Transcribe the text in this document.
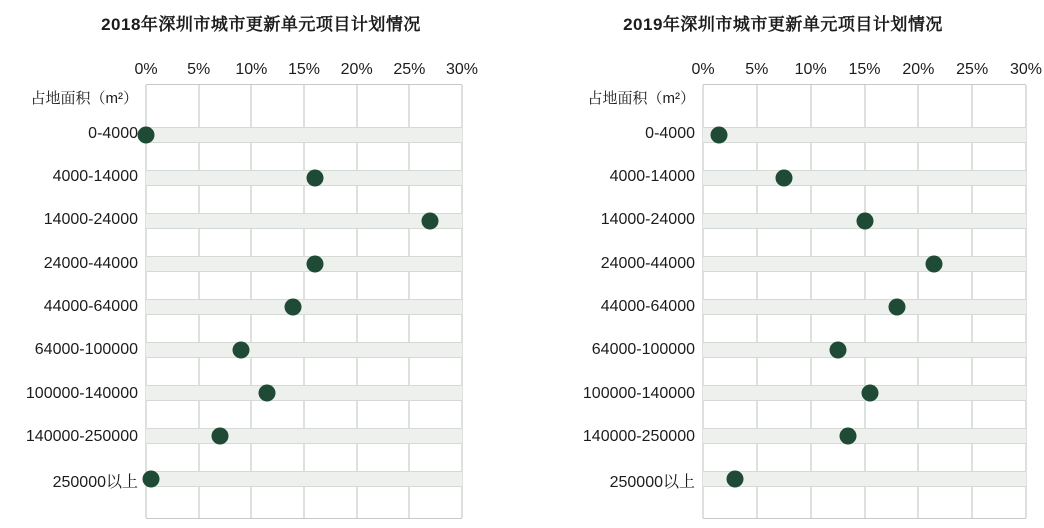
2018年深圳市城市更新单元项目计划情况
0% 5% 10% 15% 20% 25% 30%
占地面积（m²）
0-4000
4000-14000
14000-24000
24000-44000
44000-64000
64000-100000
100000-140000
140000-250000
250000以上
2019年深圳市城市更新单元项目计划情况
0% 5% 10% 15% 20% 25% 30%
占地面积（m²）
0-4000
4000-14000
14000-24000
24000-44000
44000-64000
64000-100000
100000-140000
140000-250000
250000以上
